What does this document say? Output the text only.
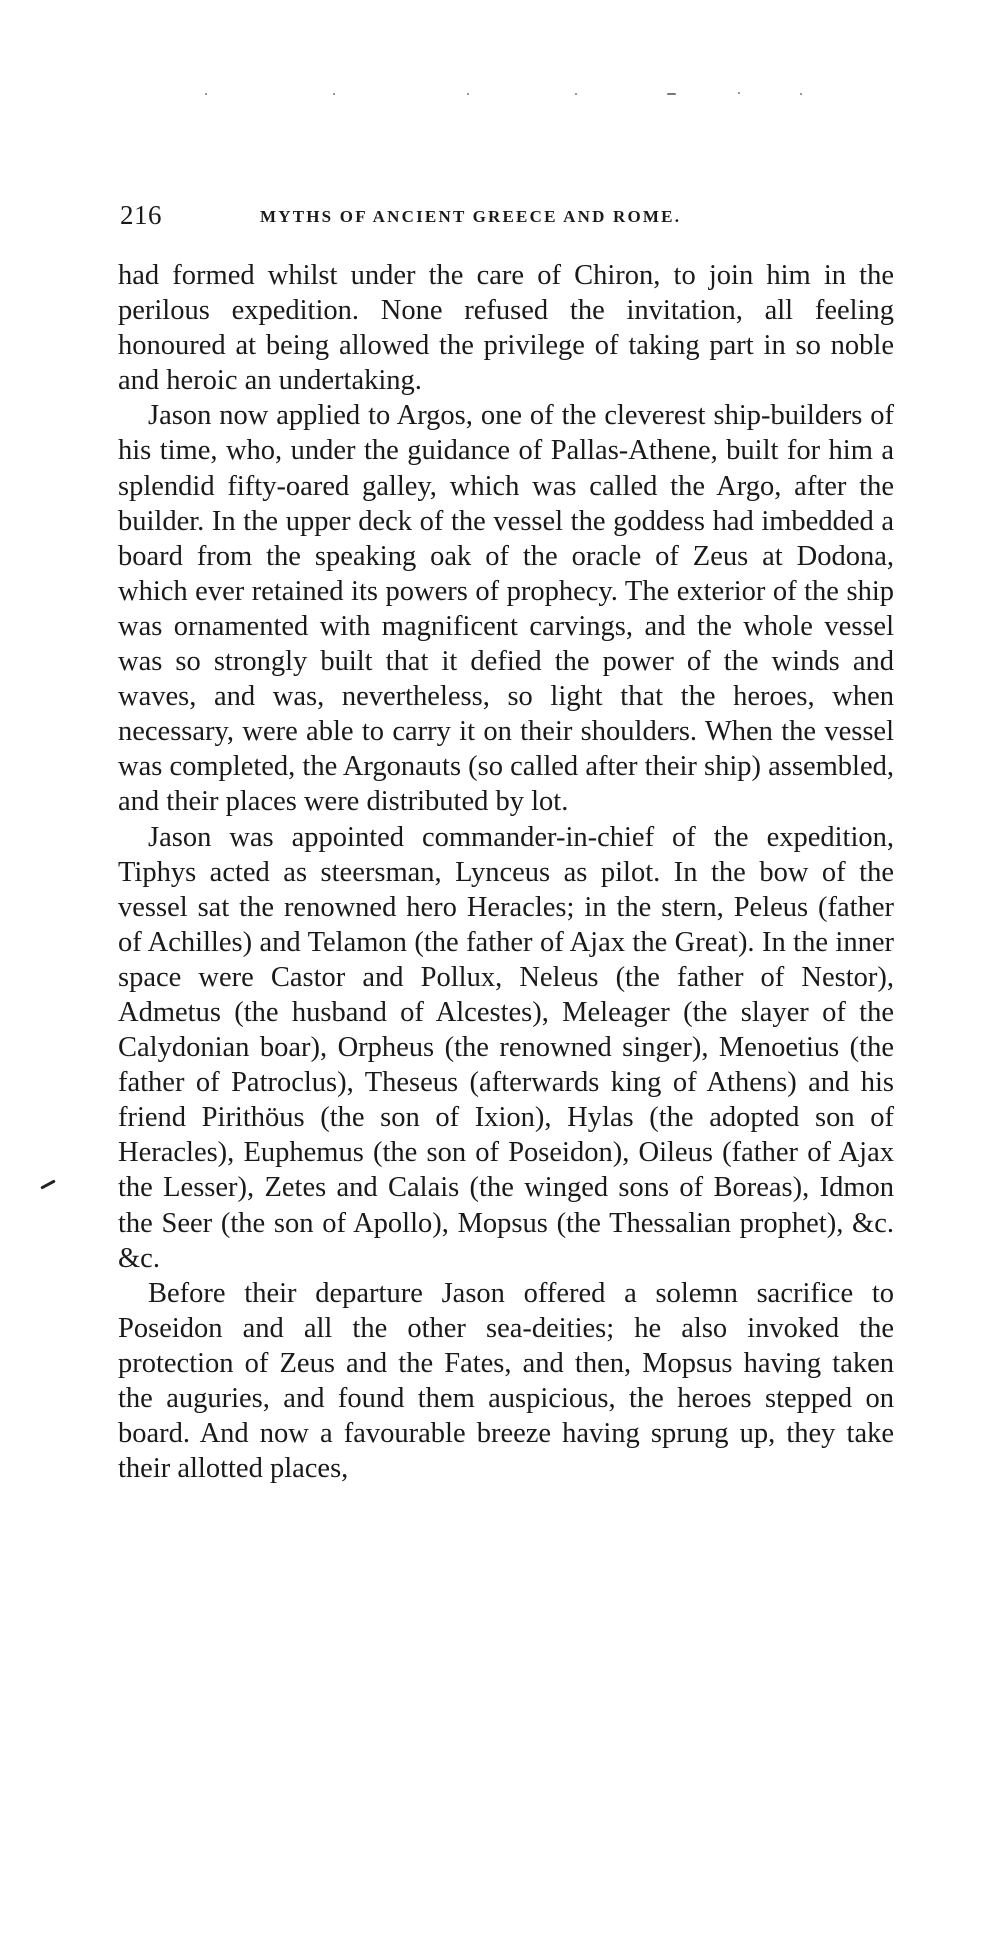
216	MYTHS OF ANCIENT GREECE AND ROME.

had formed whilst under the care of Chiron, to join him in the perilous expedition. None refused the invitation, all feeling honoured at being allowed the privilege of taking part in so noble and heroic an undertaking.

Jason now applied to Argos, one of the cleverest ship-builders of his time, who, under the guidance of Pallas-Athene, built for him a splendid fifty-oared galley, which was called the Argo, after the builder. In the upper deck of the vessel the goddess had imbedded a board from the speaking oak of the oracle of Zeus at Dodona, which ever retained its powers of prophecy. The exterior of the ship was ornamented with magnificent carvings, and the whole vessel was so strongly built that it defied the power of the winds and waves, and was, nevertheless, so light that the heroes, when necessary, were able to carry it on their shoulders. When the vessel was completed, the Argonauts (so called after their ship) assembled, and their places were distributed by lot.

Jason was appointed commander-in-chief of the expedition, Tiphys acted as steersman, Lynceus as pilot. In the bow of the vessel sat the renowned hero Heracles; in the stern, Peleus (father of Achilles) and Telamon (the father of Ajax the Great). In the inner space were Castor and Pollux, Neleus (the father of Nestor), Admetus (the husband of Alcestes), Meleager (the slayer of the Calydonian boar), Orpheus (the renowned singer), Menoetius (the father of Patroclus), Theseus (afterwards king of Athens) and his friend Pirithöus (the son of Ixion), Hylas (the adopted son of Heracles), Euphemus (the son of Poseidon), Oileus (father of Ajax the Lesser), Zetes and Calais (the winged sons of Boreas), Idmon the Seer (the son of Apollo), Mopsus (the Thessalian prophet), &c. &c.

Before their departure Jason offered a solemn sacrifice to Poseidon and all the other sea-deities; he also invoked the protection of Zeus and the Fates, and then, Mopsus having taken the auguries, and found them auspicious, the heroes stepped on board. And now a favourable breeze having sprung up, they take their allotted places,
